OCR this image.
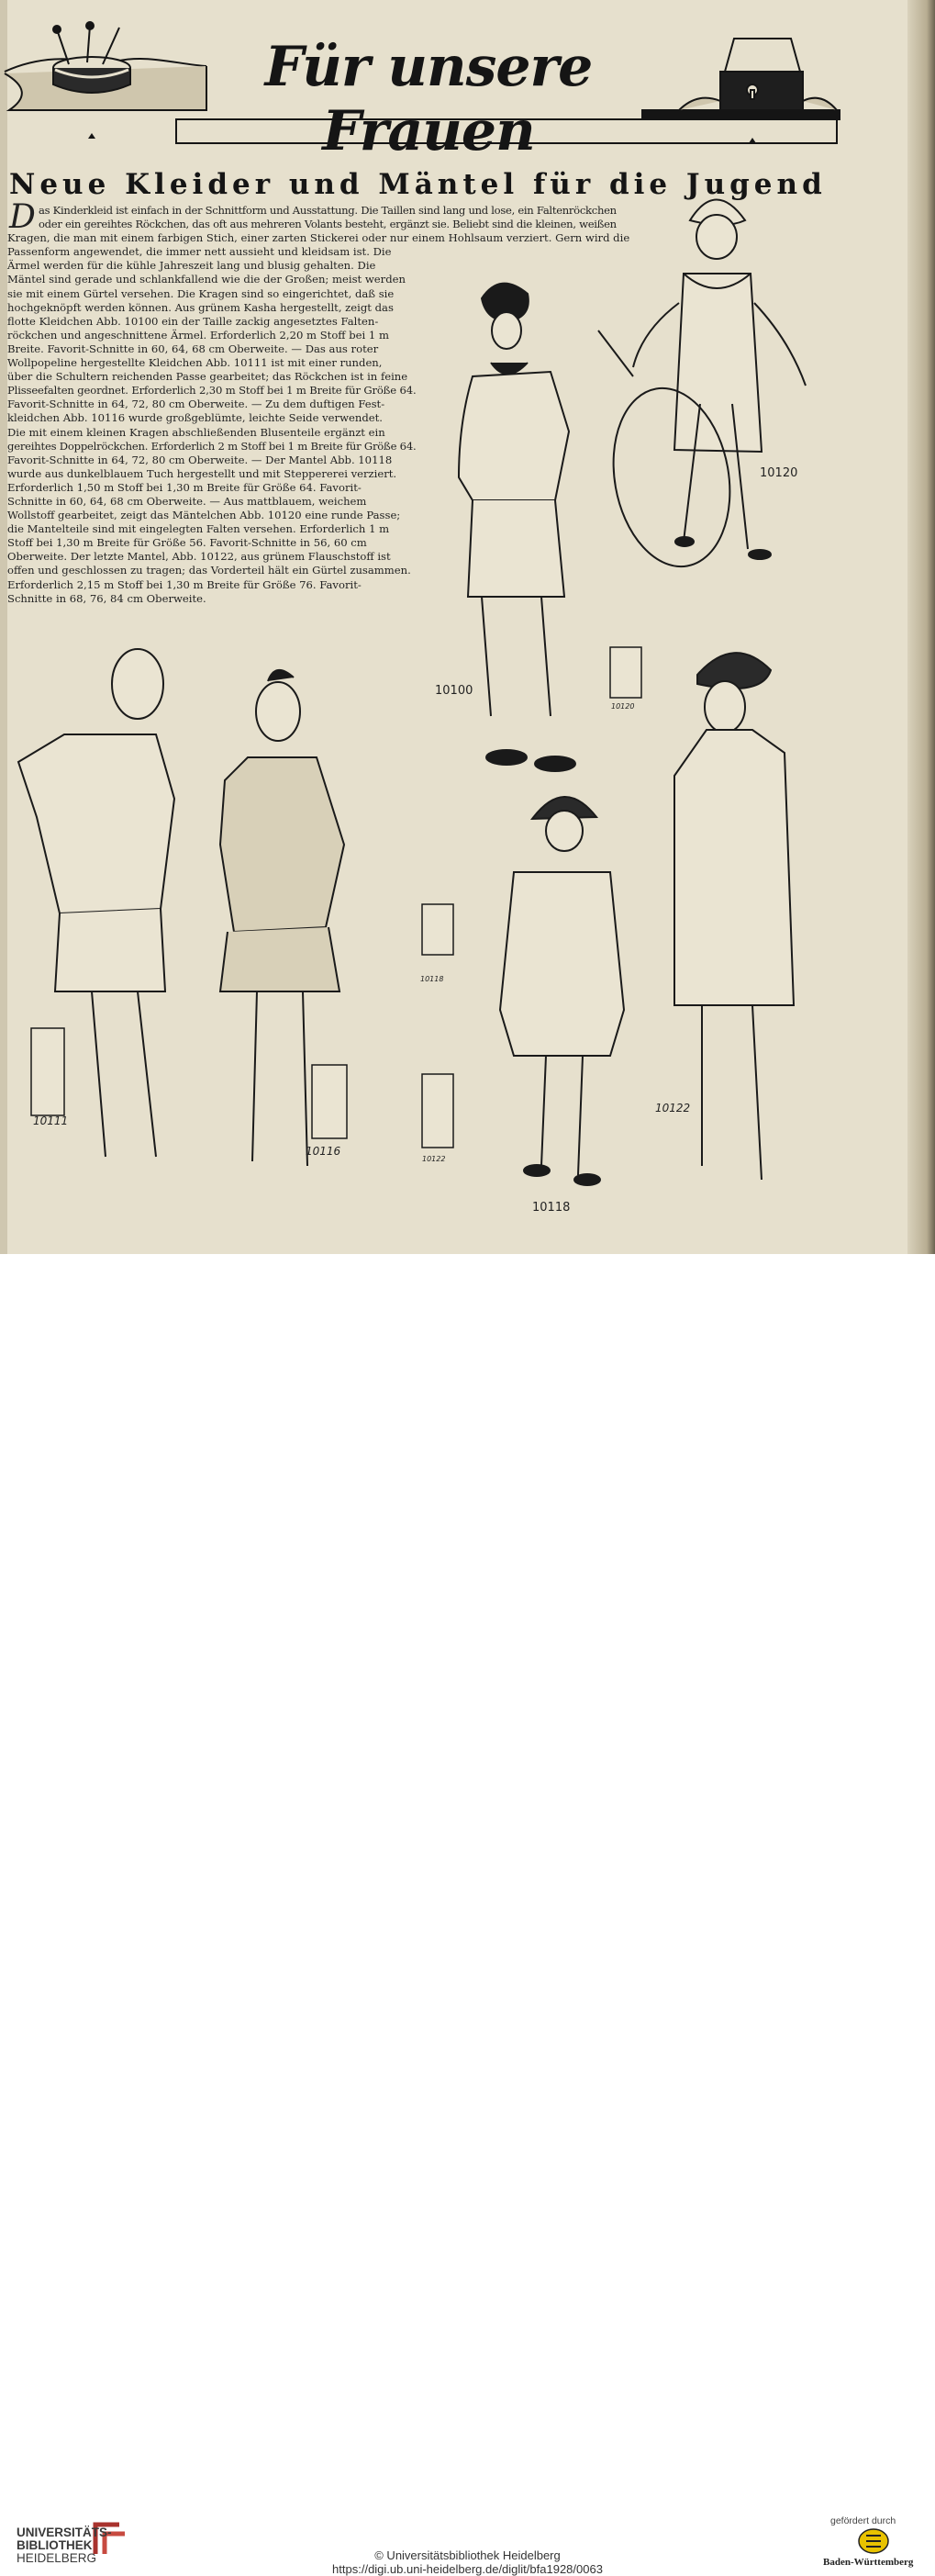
Für unsere Frauen
Neue Kleider und Mäntel für die Jugend
D as Kinderkleid ist einfach in der Schnittform und Ausstattung. Die Taillen sind lang und lose, ein Faltenröckchen
oder ein gereihtes Röckchen, das oft aus mehreren Volants besteht, ergänzt sie. Beliebt sind die kleinen, weißen
Kragen, die man mit einem farbigen Stich, einer zarten Stickerei oder nur einem Hohlsaum verziert. Gern wird die
Passenform angewendet, die immer nett aussieht und kleidsam ist. Die
Ärmel werden für die kühle Jahreszeit lang und blusig gehalten. Die
Mäntel sind gerade und schlankfallend wie die der Großen; meist werden
sie mit einem Gürtel versehen. Die Kragen sind so eingerichtet, daß sie
hochgeknöpft werden können. Aus grünem Kasha hergestellt, zeigt das
flotte Kleidchen Abb. 10100 ein der Taille zackig angesetztes Falten-
röckchen und angeschnittene Ärmel. Erforderlich 2,20 m Stoff bei 1 m
Breite. Favorit-Schnitte in 60, 64, 68 cm Oberweite. — Das aus roter
Wollpopeline hergestellte Kleidchen Abb. 10111 ist mit einer runden,
über die Schultern reichenden Passe gearbeitet; das Röckchen ist in feine
Plisseefalten geordnet. Erforderlich 2,30 m Stoff bei 1 m Breite für Größe 64.
Favorit-Schnitte in 64, 72, 80 cm Oberweite. — Zu dem duftigen Fest-
kleidchen Abb. 10116 wurde großgeblümte, leichte Seide verwendet.
Die mit einem kleinen Kragen abschließenden Blusenteile ergänzt ein
gereihtes Doppelröckchen. Erforderlich 2 m Stoff bei 1 m Breite für Größe 64.
Favorit-Schnitte in 64, 72, 80 cm Oberweite. — Der Mantel Abb. 10118
wurde aus dunkelblauem Tuch hergestellt und mit Steppererei verziert.
Erforderlich 1,50 m Stoff bei 1,30 m Breite für Größe 64. Favorit-
Schnitte in 60, 64, 68 cm Oberweite. — Aus mattblauem, weichem
Wollstoff gearbeitet, zeigt das Mäntelchen Abb. 10120 eine runde Passe;
die Mantelteile sind mit eingelegten Falten versehen. Erforderlich 1 m
Stoff bei 1,30 m Breite für Größe 56. Favorit-Schnitte in 56, 60 cm
Oberweite. Der letzte Mantel, Abb. 10122, aus grünem Flauschstoff ist
offen und geschlossen zu tragen; das Vorderteil hält ein Gürtel zusammen.
Erforderlich 2,15 m Stoff bei 1,30 m Breite für Größe 76. Favorit-
Schnitte in 68, 76, 84 cm Oberweite.
10120
10100
10120
10118
10111
10116
10122
10122
10118
UNIVERSITÄTS-
BIBLIOTHEK
HEIDELBERG	© Universitätsbibliothek Heidelberg
https://digi.ub.uni-heidelberg.de/diglit/bfa1928/0063
gefördert durch
Baden-Württemberg
